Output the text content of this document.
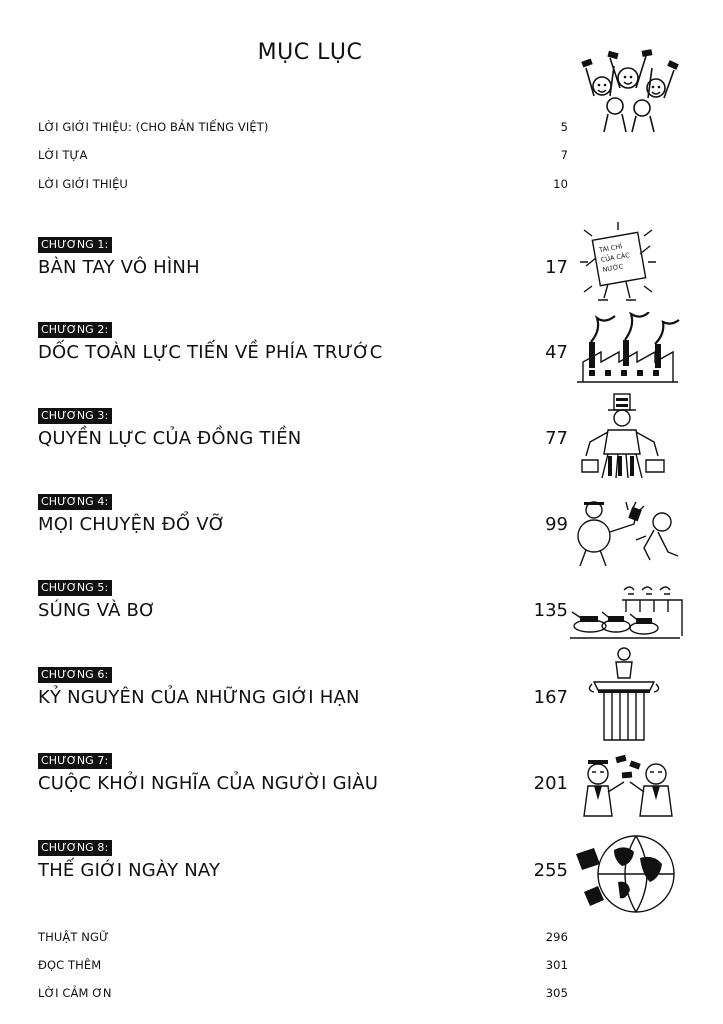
MỤC LỤC
LỜI GIỚI THIỆU: (CHO BẢN TIẾNG VIỆT)	5
LỜI TỰA	7
LỜI GIỚI THIỆU	10
CHƯƠNG 1:
BÀN TAY VÔ HÌNH	17
TÀI CHÍ
CỦA CÁC
NƯỚC
CHƯƠNG 2:
DỐC TOÀN LỰC TIẾN VỀ PHÍA TRƯỚC	47
CHƯƠNG 3:
QUYỀN LỰC CỦA ĐỒNG TIỀN	77
CHƯƠNG 4:
MỌI CHUYỆN ĐỔ VỠ	99
CHƯƠNG 5:
SÚNG VÀ BƠ	135
CHƯƠNG 6:
KỶ NGUYÊN CỦA NHỮNG GIỚI HẠN	167
CHƯƠNG 7:
CUỘC KHỞI NGHĨA CỦA NGƯỜI GIÀU	201
CHƯƠNG 8:
THẾ GIỚI NGÀY NAY	255
THUẬT NGỮ	296
ĐỌC THÊM	301
LỜI CẢM ƠN	305
